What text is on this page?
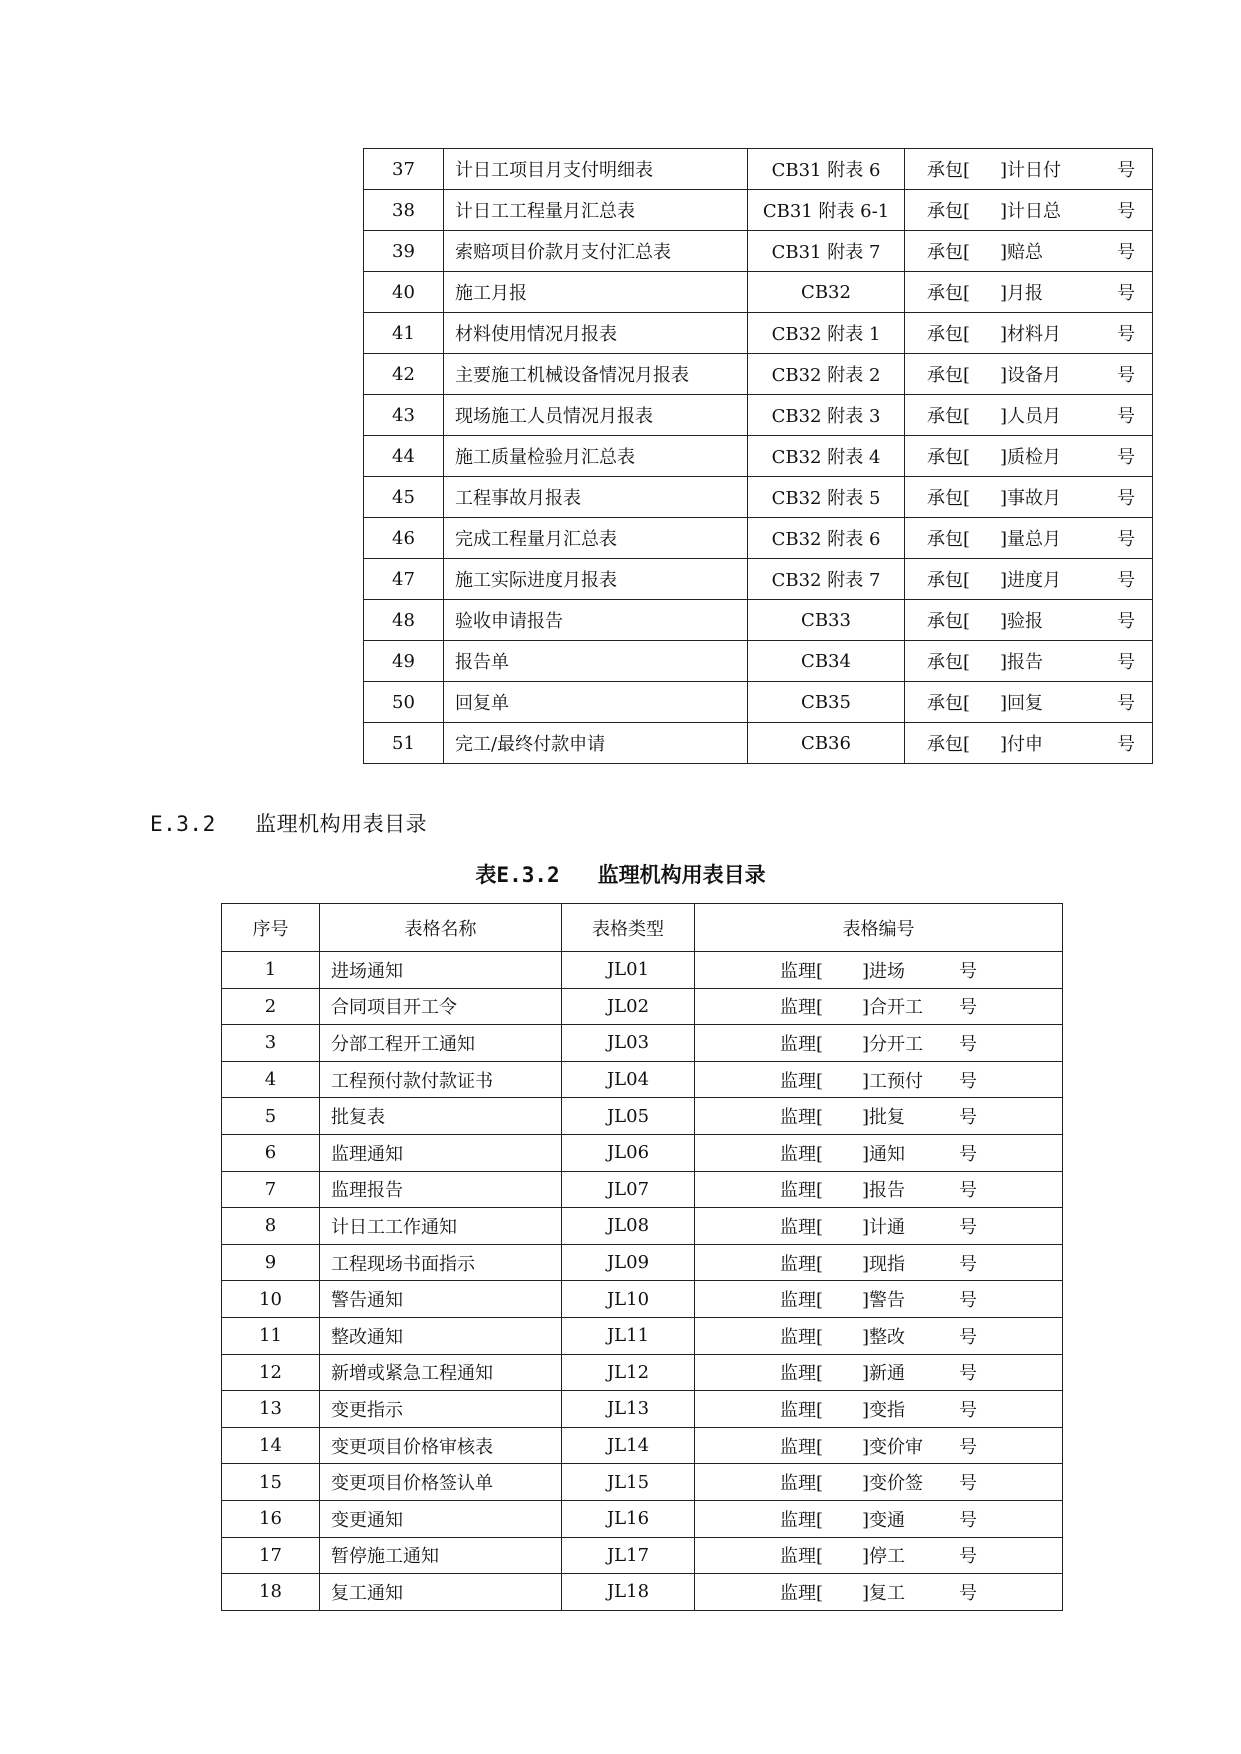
37	计日工项目月支付明细表	CB31 附表 6	承包[ ]计日付 号

38	计日工工程量月汇总表	CB31 附表 6-1	承包[ ]计日总 号

39	索赔项目价款月支付汇总表	CB31 附表 7	承包[ ]赔总 号

40	施工月报	CB32	承包[ ]月报 号

41	材料使用情况月报表	CB32 附表 1	承包[ ]材料月 号

42	主要施工机械设备情况月报表	CB32 附表 2	承包[ ]设备月 号

43	现场施工人员情况月报表	CB32 附表 3	承包[ ]人员月 号

44	施工质量检验月汇总表	CB32 附表 4	承包[ ]质检月 号

45	工程事故月报表	CB32 附表 5	承包[ ]事故月 号

46	完成工程量月汇总表	CB32 附表 6	承包[ ]量总月 号

47	施工实际进度月报表	CB32 附表 7	承包[ ]进度月 号

48	验收申请报告	CB33	承包[ ]验报 号

49	报告单	CB34	承包[ ]报告 号

50	回复单	CB35	承包[ ]回复 号

51	完工/最终付款申请	CB36	承包[ ]付申 号
E.3.2 监理机构用表目录
表E.3.2 监理机构用表目录
序号	表格名称	表格类型	表格编号
1	进场通知	JL01	监理[ ]进场 号

2	合同项目开工令	JL02	监理[ ]合开工 号

3	分部工程开工通知	JL03	监理[ ]分开工 号

4	工程预付款付款证书	JL04	监理[ ]工预付 号

5	批复表	JL05	监理[ ]批复 号

6	监理通知	JL06	监理[ ]通知 号

7	监理报告	JL07	监理[ ]报告 号

8	计日工工作通知	JL08	监理[ ]计通 号

9	工程现场书面指示	JL09	监理[ ]现指 号

10	警告通知	JL10	监理[ ]警告 号

11	整改通知	JL11	监理[ ]整改 号

12	新增或紧急工程通知	JL12	监理[ ]新通 号

13	变更指示	JL13	监理[ ]变指 号

14	变更项目价格审核表	JL14	监理[ ]变价审 号

15	变更项目价格签认单	JL15	监理[ ]变价签 号

16	变更通知	JL16	监理[ ]变通 号

17	暂停施工通知	JL17	监理[ ]停工 号

18	复工通知	JL18	监理[ ]复工 号
